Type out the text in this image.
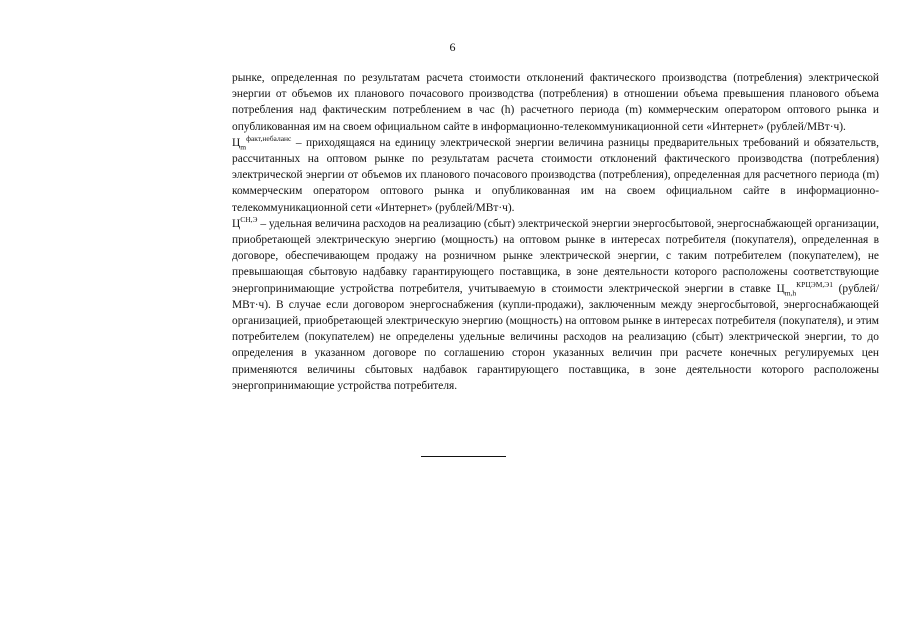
6

рынке, определенная по результатам расчета стоимости отклонений фактического производства (потребления) электрической энергии от объемов их планового почасового производства (потребления) в отношении объема превышения планового объема потребления над фактическим потреблением в час (h) расчетного периода (m) коммерческим оператором оптового рынка и опубликованная им на своем официальном сайте в информационно-телекоммуникационной сети «Интернет» (рублей/МВт·ч).

$Ц_m^{факт,небаланс}$ – приходящаяся на единицу электрической энергии величина разницы предварительных требований и обязательств, рассчитанных на оптовом рынке по результатам расчета стоимости отклонений фактического производства (потребления) электрической энергии от объемов их планового почасового производства (потребления), определенная для расчетного периода (m) коммерческим оператором оптового рынка и опубликованная им на своем официальном сайте в информационно-телекоммуникационной сети «Интернет» (рублей/МВт·ч).

$Ц^{СН,Э}$ – удельная величина расходов на реализацию (сбыт) электрической энергии энергосбытовой, энергоснабжающей организации, приобретающей электрическую энергию (мощность) на оптовом рынке в интересах потребителя (покупателя), определенная в договоре, обеспечивающем продажу на розничном рынке электрической энергии, с таким потребителем (покупателем), не превышающая сбытовую надбавку гарантирующего поставщика, в зоне деятельности которого расположены соответствующие энергопринимающие устройства потребителя, учитываемую в стоимости электрической энергии в ставке $Ц_{m,h}^{КРЦЭМ,Э1}$ (рублей/МВт·ч). В случае если договором энергоснабжения (купли-продажи), заключенным между энергосбытовой, энергоснабжающей организацией, приобретающей электрическую энергию (мощность) на оптовом рынке в интересах потребителя (покупателя), и этим потребителем (покупателем) не определены удельные величины расходов на реализацию (сбыт) электрической энергии, то до определения в указанном договоре по соглашению сторон указанных величин при расчете конечных регулируемых цен применяются величины сбытовых надбавок гарантирующего поставщика, в зоне деятельности которого расположены энергопринимающие устройства потребителя.
